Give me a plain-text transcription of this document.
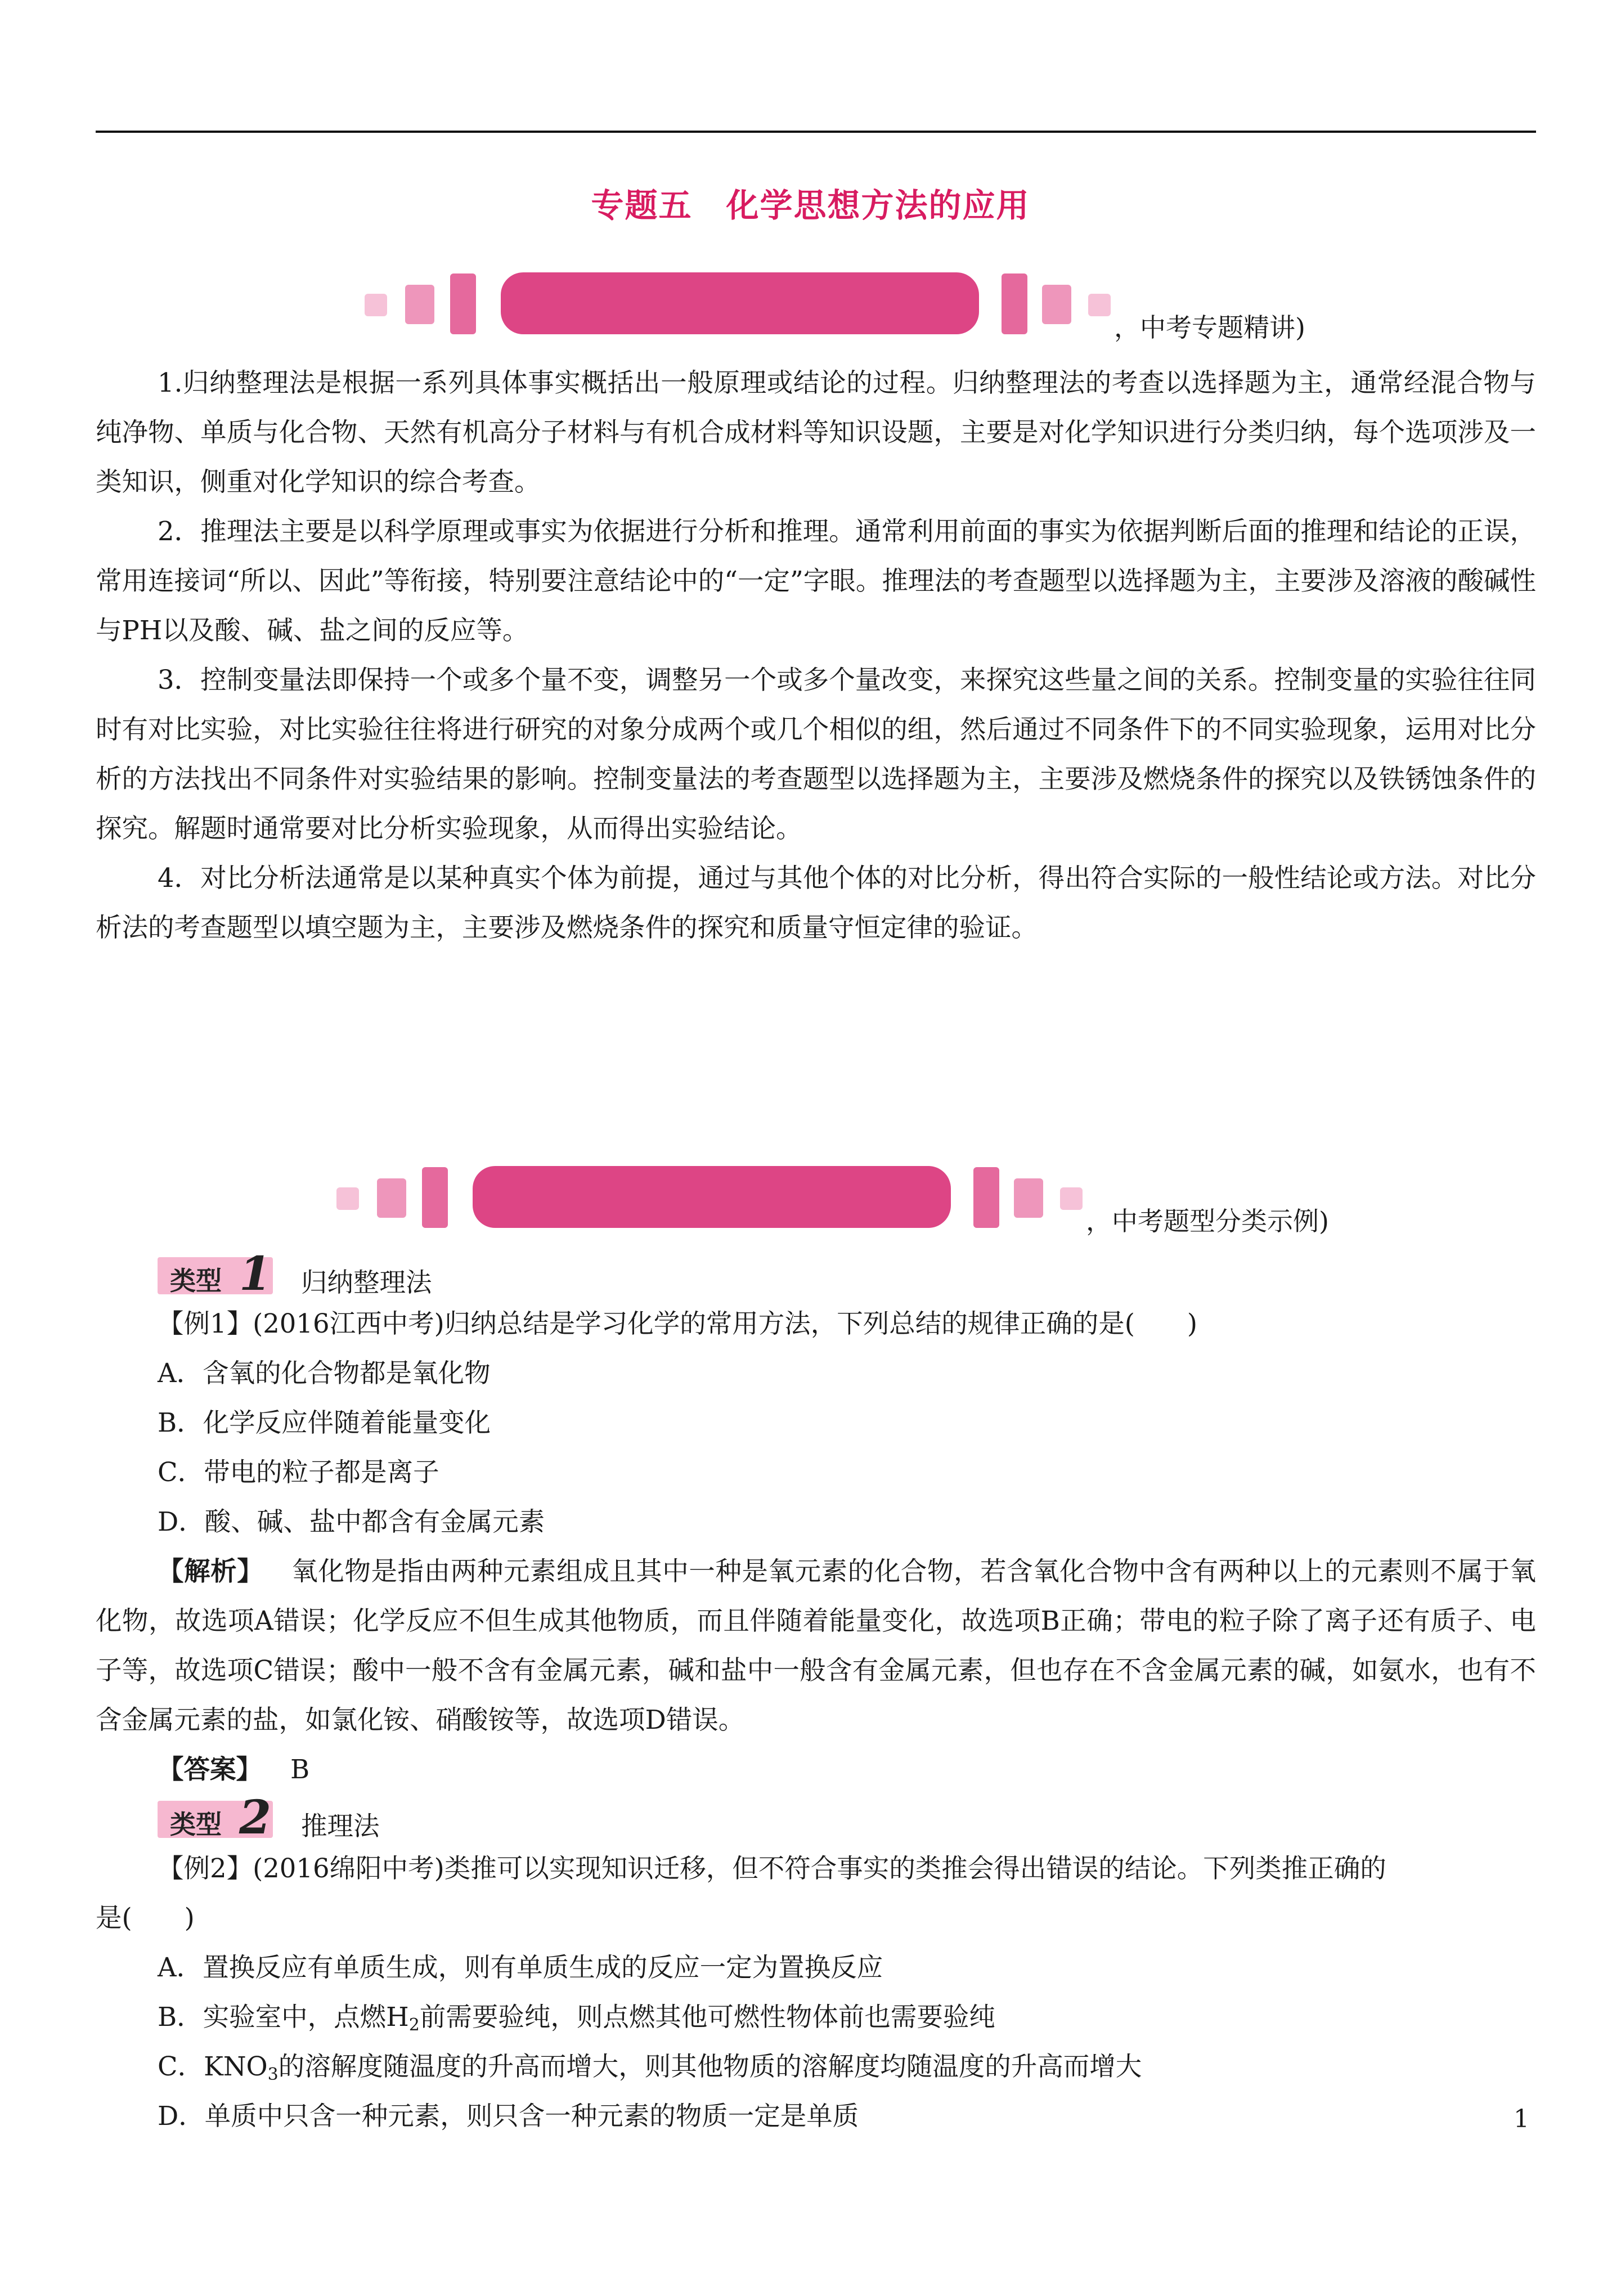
专题五　化学思想方法的应用
，中考专题精讲)

1.归纳整理法是根据一系列具体事实概括出一般原理或结论的过程。归纳整理法的考查以选择题为主，通常经混合物与纯净物、单质与化合物、天然有机高分子材料与有机合成材料等知识设题，主要是对化学知识进行分类归纳，每个选项涉及一类知识，侧重对化学知识的综合考查。

2．推理法主要是以科学原理或事实为依据进行分析和推理。通常利用前面的事实为依据判断后面的推理和结论的正误，常用连接词“所以、因此”等衔接，特别要注意结论中的“一定”字眼。推理法的考查题型以选择题为主，主要涉及溶液的酸碱性与PH以及酸、碱、盐之间的反应等。

3．控制变量法即保持一个或多个量不变，调整另一个或多个量改变，来探究这些量之间的关系。控制变量的实验往往同时有对比实验，对比实验往往将进行研究的对象分成两个或几个相似的组，然后通过不同条件下的不同实验现象，运用对比分析的方法找出不同条件对实验结果的影响。控制变量法的考查题型以选择题为主，主要涉及燃烧条件的探究以及铁锈蚀条件的探究。解题时通常要对比分析实验现象，从而得出实验结论。

4．对比分析法通常是以某种真实个体为前提，通过与其他个体的对比分析，得出符合实际的一般性结论或方法。对比分析法的考查题型以填空题为主，主要涉及燃烧条件的探究和质量守恒定律的验证。

，中考题型分类示例)
类型 1 归纳整理法
【例1】(2016江西中考)归纳总结是学习化学的常用方法，下列总结的规律正确的是(　　)
A．含氧的化合物都是氧化物
B．化学反应伴随着能量变化
C．带电的粒子都是离子
D．酸、碱、盐中都含有金属元素

【解析】 氧化物是指由两种元素组成且其中一种是氧元素的化合物，若含氧化合物中含有两种以上的元素则不属于氧化物，故选项A错误；化学反应不但生成其他物质，而且伴随着能量变化，故选项B正确；带电的粒子除了离子还有质子、电子等，故选项C错误；酸中一般不含有金属元素，碱和盐中一般含有金属元素，但也存在不含金属元素的碱，如氨水，也有不含金属元素的盐，如氯化铵、硝酸铵等，故选项D错误。

【答案】 B
类型 2 推理法
【例2】(2016绵阳中考)类推可以实现知识迁移，但不符合事实的类推会得出错误的结论。下列类推正确的
是(　　)
A．置换反应有单质生成，则有单质生成的反应一定为置换反应
B．实验室中，点燃$H_2$前需要验纯，则点燃其他可燃性物体前也需要验纯
C．$KNO_3$的溶解度随温度的升高而增大，则其他物质的溶解度均随温度的升高而增大
D．单质中只含一种元素，则只含一种元素的物质一定是单质	1
